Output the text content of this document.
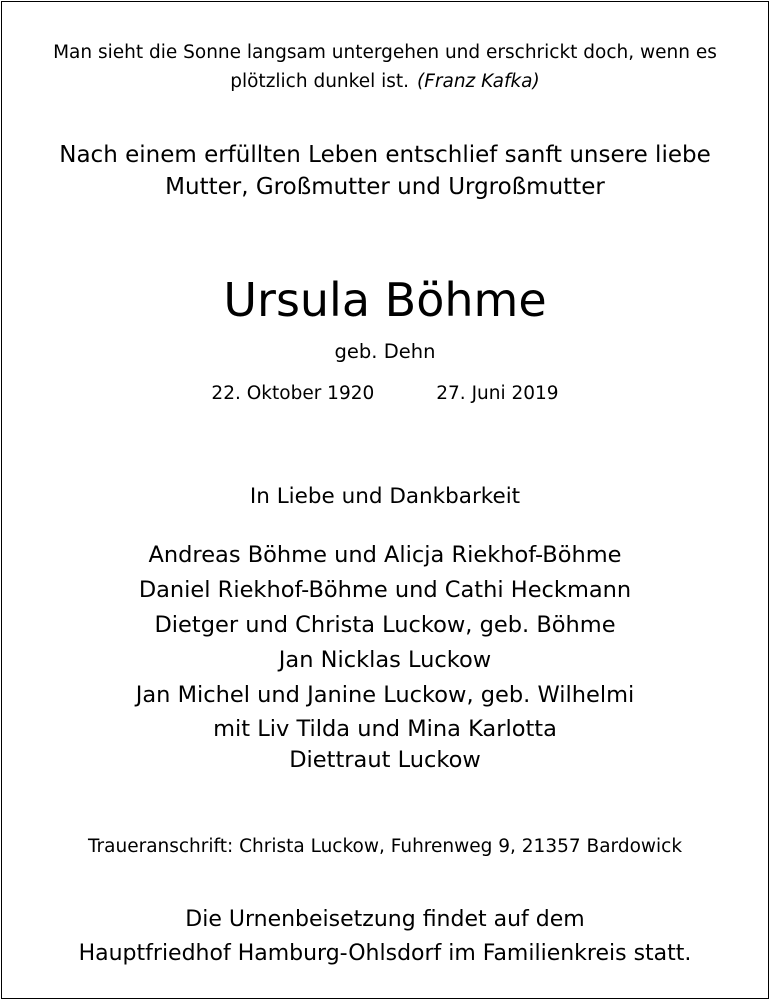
Man sieht die Sonne langsam untergehen und erschrickt doch, wenn es
plötzlich dunkel ist. (Franz Kafka)
Nach einem erfüllten Leben entschlief sanft unsere liebe
Mutter, Großmutter und Urgroßmutter
Ursula Böhme
geb. Dehn
22. Oktober 1920	27. Juni 2019
In Liebe und Dankbarkeit
Andreas Böhme und Alicja Riekhof-Böhme
Daniel Riekhof-Böhme und Cathi Heckmann
Dietger und Christa Luckow, geb. Böhme
Jan Nicklas Luckow
Jan Michel und Janine Luckow, geb. Wilhelmi
mit Liv Tilda und Mina Karlotta
Diettraut Luckow
Traueranschrift: Christa Luckow, Fuhrenweg 9, 21357 Bardowick
Die Urnenbeisetzung findet auf dem
Hauptfriedhof Hamburg-Ohlsdorf im Familienkreis statt.
